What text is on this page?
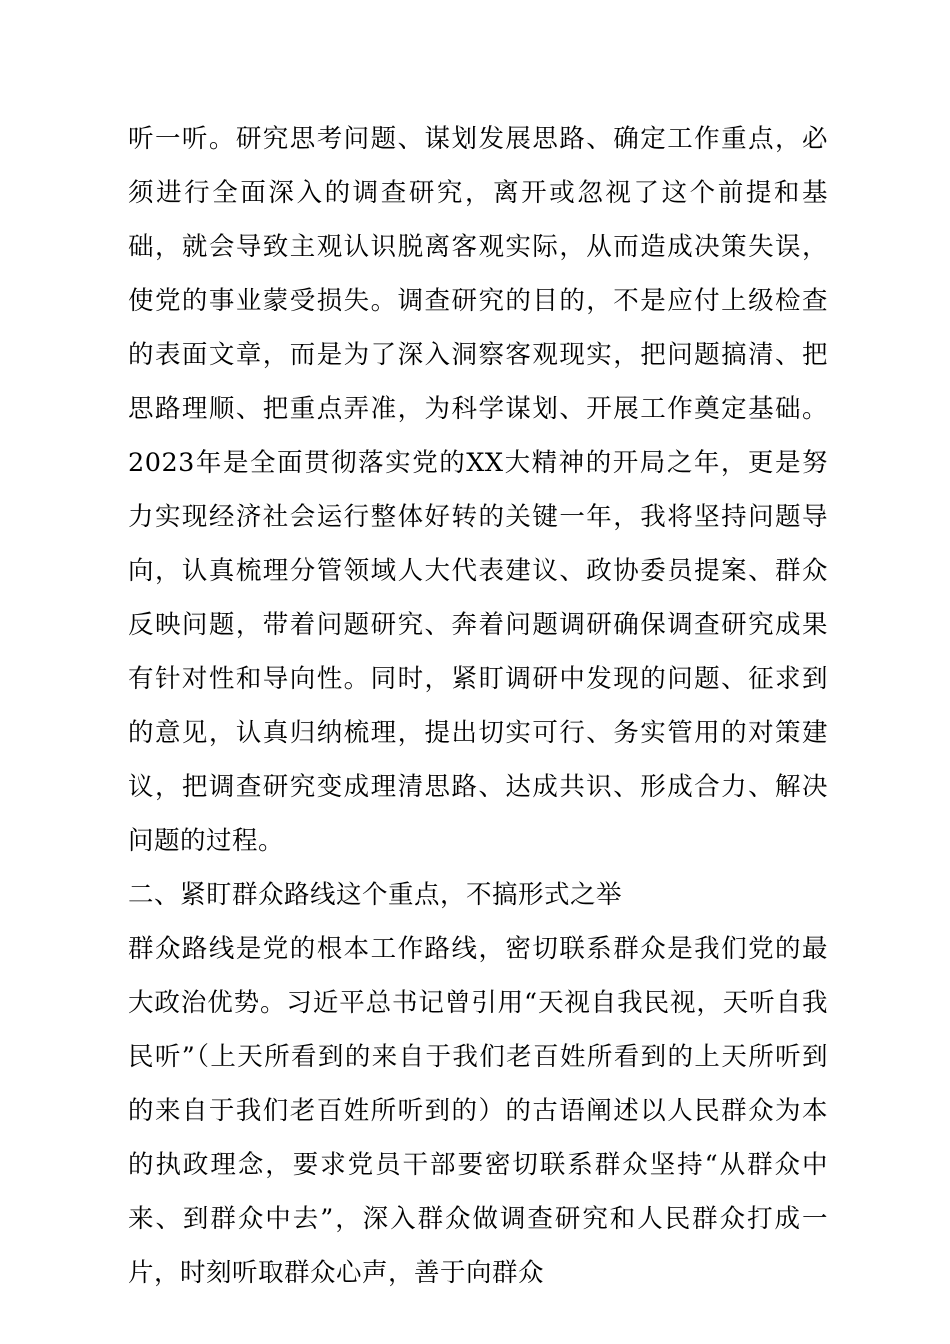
听一听。研究思考问题、谋划发展思路、确定工作重点，必须进行全面深入的调查研究，离开或忽视了这个前提和基础，就会导致主观认识脱离客观实际，从而造成决策失误，使党的事业蒙受损失。调查研究的目的，不是应付上级检查的表面文章，而是为了深入洞察客观现实，把问题搞清、把思路理顺、把重点弄准，为科学谋划、开展工作奠定基础。2023年是全面贯彻落实党的XX大精神的开局之年，更是努力实现经济社会运行整体好转的关键一年，我将坚持问题导向，认真梳理分管领域人大代表建议、政协委员提案、群众反映问题，带着问题研究、奔着问题调研确保调查研究成果有针对性和导向性。同时，紧盯调研中发现的问题、征求到的意见，认真归纳梳理，提出切实可行、务实管用的对策建议，把调查研究变成理清思路、达成共识、形成合力、解决问题的过程。

二、紧盯群众路线这个重点，不搞形式之举

群众路线是党的根本工作路线，密切联系群众是我们党的最大政治优势。习近平总书记曾引用“天视自我民视，天听自我民听”（上天所看到的来自于我们老百姓所看到的上天所听到的来自于我们老百姓所听到的）的古语阐述以人民群众为本的执政理念，要求党员干部要密切联系群众坚持“从群众中来、到群众中去”，深入群众做调查研究和人民群众打成一片，时刻听取群众心声，善于向群众
